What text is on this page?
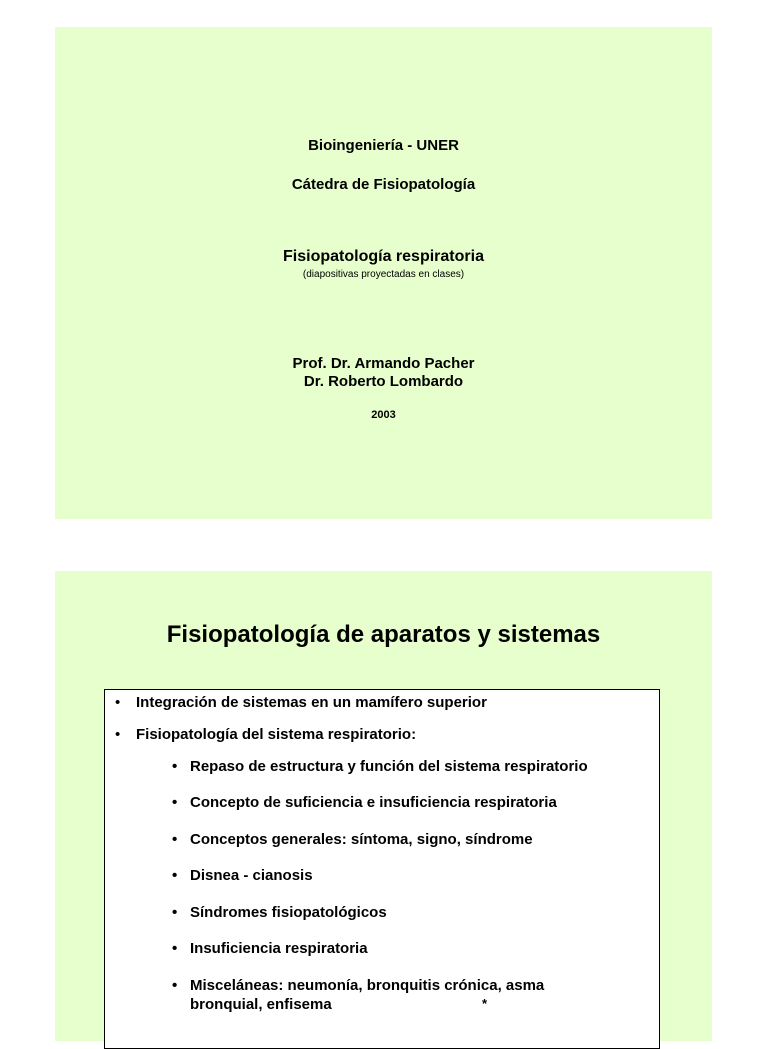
Bioingeniería - UNER
Cátedra de Fisiopatología
Fisiopatología respiratoria
(diapositivas proyectadas en clases)
Prof. Dr. Armando Pacher
Dr. Roberto Lombardo
2003
Fisiopatología de aparatos y sistemas
•	Integración de sistemas en un mamífero superior
•	Fisiopatología del sistema respiratorio:
• Repaso de estructura y función del sistema respiratorio
• Concepto de suficiencia e insuficiencia respiratoria
• Conceptos generales: síntoma, signo, síndrome
• Disnea - cianosis
• Síndromes fisiopatológicos
• Insuficiencia respiratoria
• Misceláneas: neumonía, bronquitis crónica, asma bronquial, enfisema	*
